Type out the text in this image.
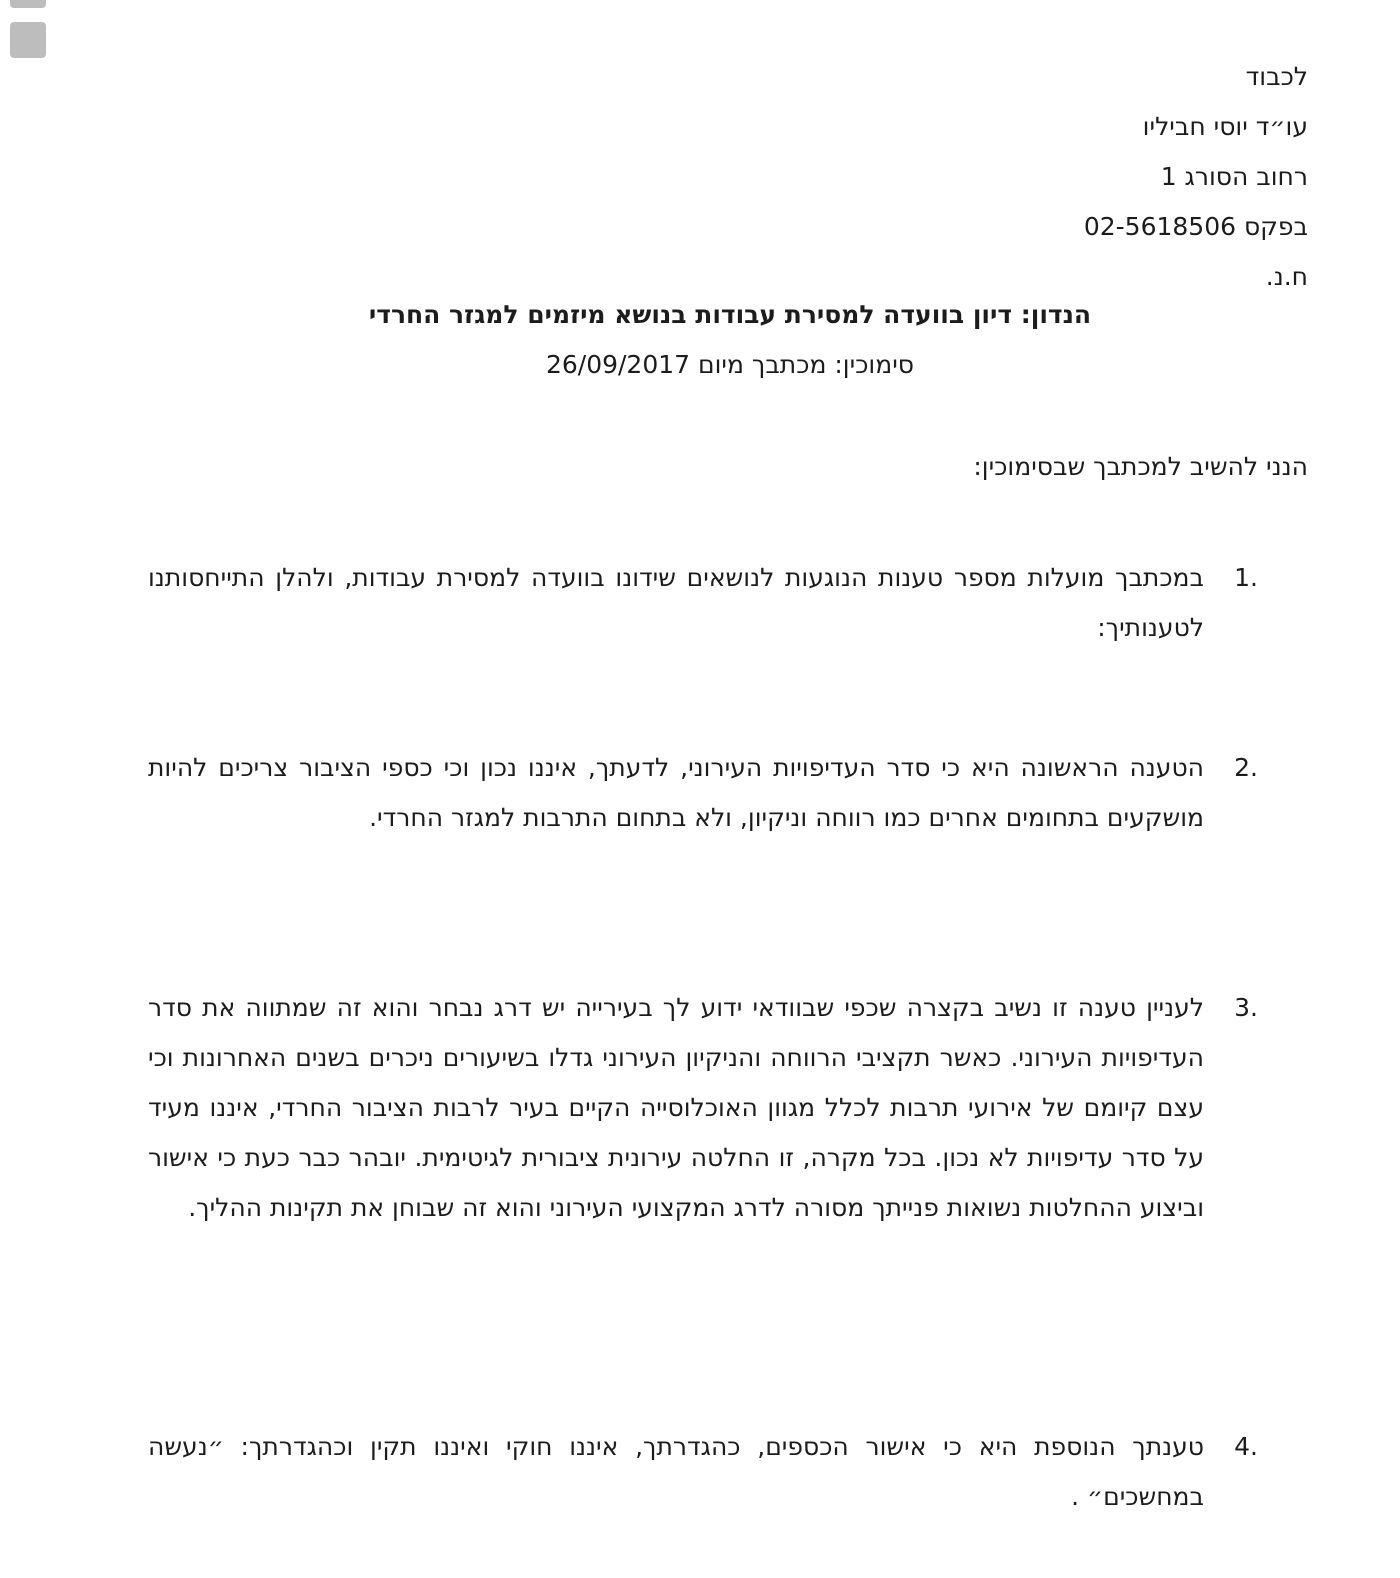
לכבוד
עו״ד יוסי חביליו
רחוב הסורג 1
בפקס 02-5618506
ח.נ.
הנדון: דיון בוועדה למסירת עבודות בנושא מיזמים למגזר החרדי
סימוכין: מכתבך מיום 26/09/2017
הנני להשיב למכתבך שבסימוכין:
.1
במכתבך מועלות מספר טענות הנוגעות לנושאים שידונו בוועדה למסירת עבודות, ולהלן התייחסותנו לטענותיך:
.2
הטענה הראשונה היא כי סדר העדיפויות העירוני, לדעתך, איננו נכון וכי כספי הציבור צריכים להיות מושקעים בתחומים אחרים כמו רווחה וניקיון, ולא בתחום התרבות למגזר החרדי.
.3
לעניין טענה זו נשיב בקצרה שכפי שבוודאי ידוע לך בעירייה יש דרג נבחר והוא זה שמתווה את סדר העדיפויות העירוני. כאשר תקציבי הרווחה והניקיון העירוני גדלו בשיעורים ניכרים בשנים האחרונות וכי עצם קיומם של אירועי תרבות לכלל מגוון האוכלוסייה הקיים בעיר לרבות הציבור החרדי, איננו מעיד על סדר עדיפויות לא נכון. בכל מקרה, זו החלטה עירונית ציבורית לגיטימית. יובהר כבר כעת כי אישור וביצוע ההחלטות נשואות פנייתך מסורה לדרג המקצועי העירוני והוא זה שבוחן את תקינות ההליך.
.4
טענתך הנוספת היא כי אישור הכספים, כהגדרתך, איננו חוקי ואיננו תקין וכהגדרתך: ״נעשה במחשכים״ .
